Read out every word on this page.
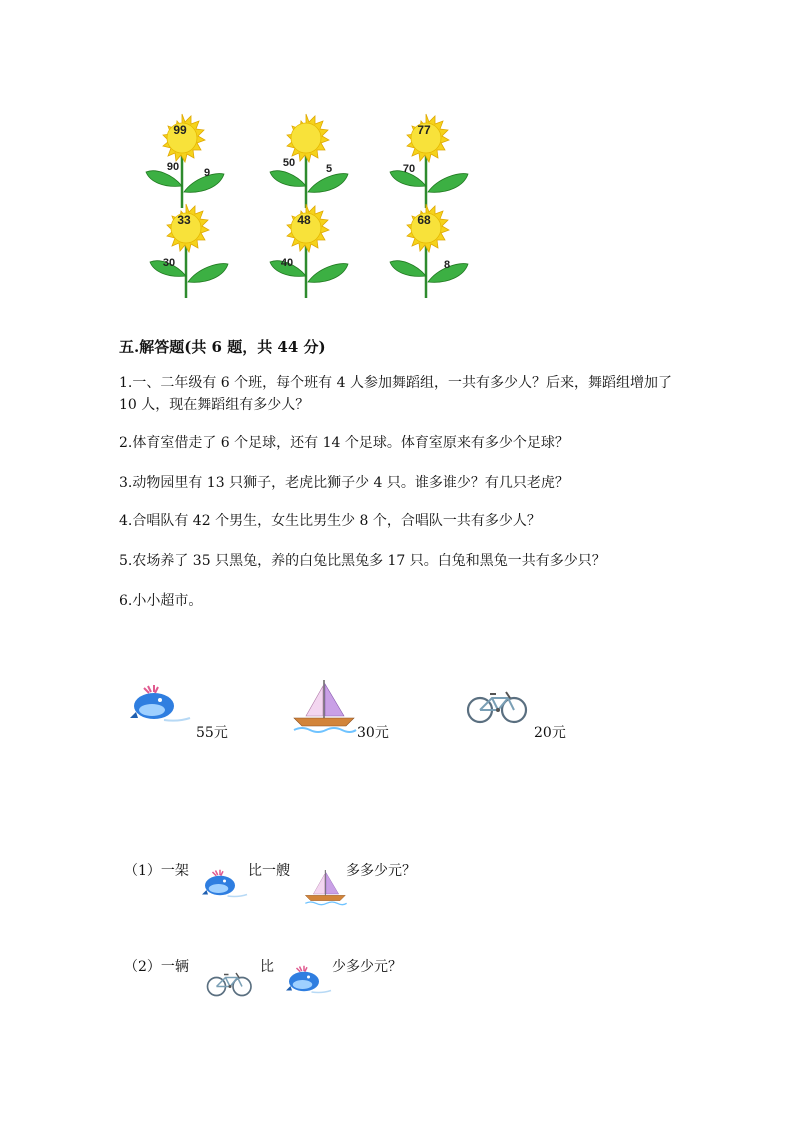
99
90	9
50	5
77
70
33
30
48
40
68
8
五.解答题(共 6 题，共 44 分)
1.一、二年级有 6 个班，每个班有 4 人参加舞蹈组，一共有多少人？后来，舞蹈组增加了 10 人，现在舞蹈组有多少人？
2.体育室借走了 6 个足球，还有 14 个足球。体育室原来有多少个足球？
3.动物园里有 13 只狮子，老虎比狮子少 4 只。谁多谁少？有几只老虎？
4.合唱队有 42 个男生，女生比男生少 8 个，合唱队一共有多少人？
5.农场养了 35 只黑兔，养的白兔比黑兔多 17 只。白兔和黑兔一共有多少只？
6.小小超市。
55元	30元	20元
（1）一架	比一艘	多多少元？
（2）一辆	比	少多少元？
